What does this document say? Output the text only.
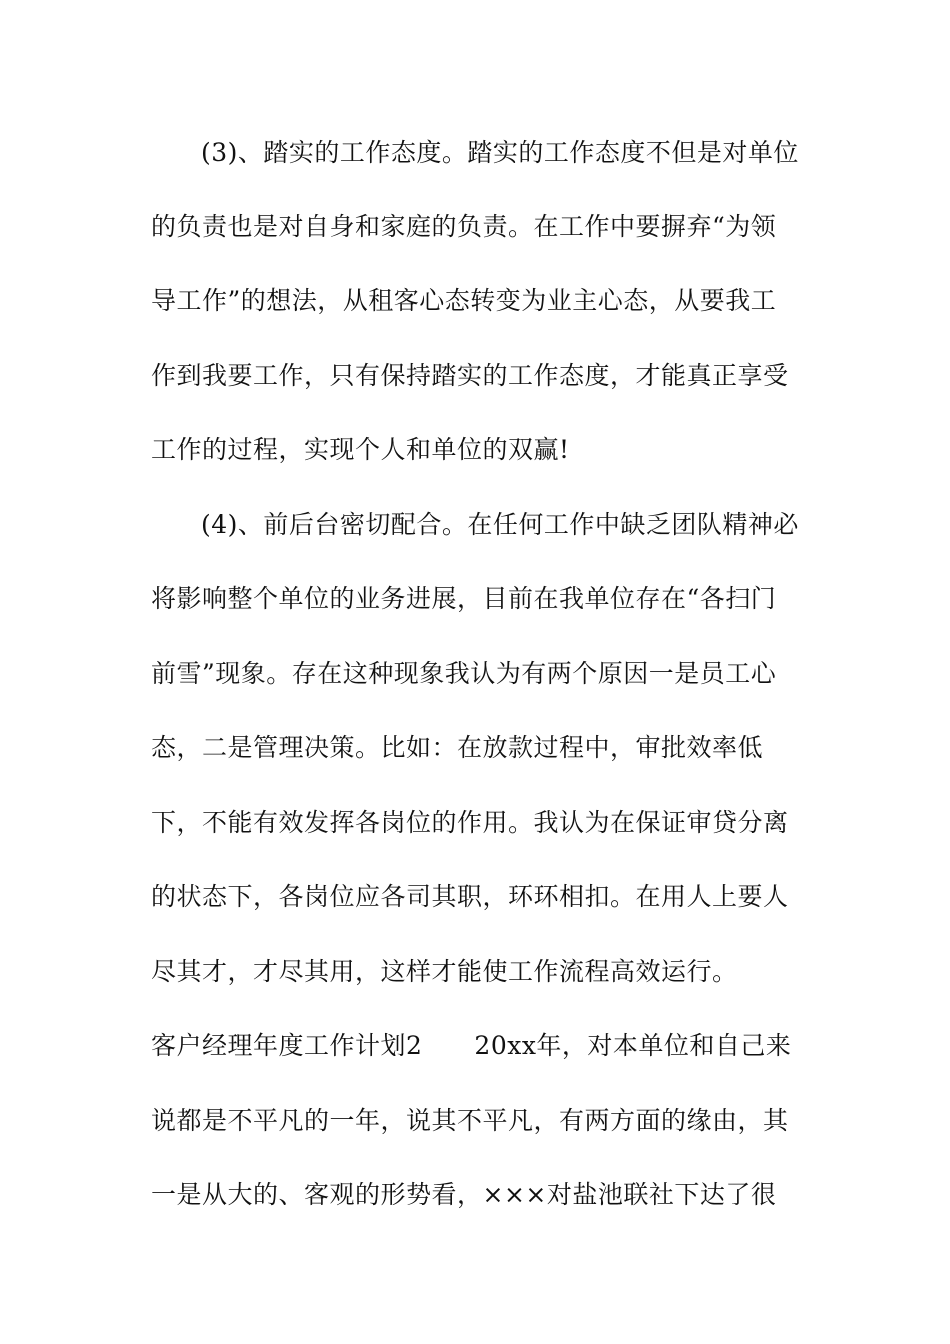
(3)、踏实的工作态度。踏实的工作态度不但是对单位
的负责也是对自身和家庭的负责。在工作中要摒弃“为领
导工作”的想法，从租客心态转变为业主心态，从要我工
作到我要工作，只有保持踏实的工作态度，才能真正享受
工作的过程，实现个人和单位的双赢!
(4)、前后台密切配合。在任何工作中缺乏团队精神必
将影响整个单位的业务进展，目前在我单位存在“各扫门
前雪”现象。存在这种现象我认为有两个原因一是员工心
态，二是管理决策。比如：在放款过程中，审批效率低
下，不能有效发挥各岗位的作用。我认为在保证审贷分离
的状态下，各岗位应各司其职，环环相扣。在用人上要人
尽其才，才尽其用，这样才能使工作流程高效运行。
客户经理年度工作计划2 20xx年，对本单位和自己来
说都是不平凡的一年，说其不平凡，有两方面的缘由，其
一是从大的、客观的形势看，×××对盐池联社下达了很
